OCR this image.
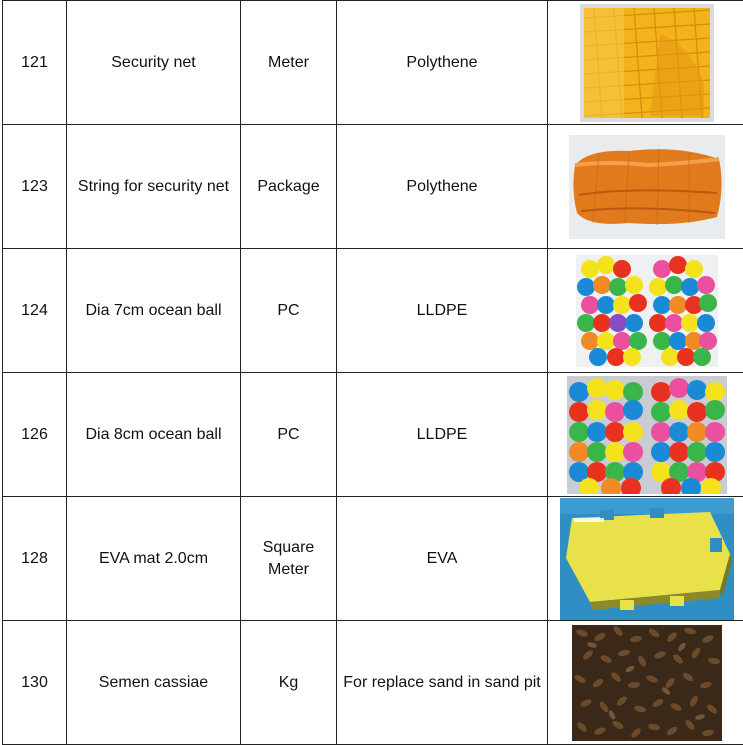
121	Security net	Meter	Polythene	

123	String for security net	Package	Polythene	

124	Dia 7cm ocean ball	PC	LLDPE	

126	Dia 8cm ocean ball	PC	LLDPE	

128	EVA mat 2.0cm	Square Meter	EVA	

130	Semen cassiae	Kg	For replace sand in sand pit	
